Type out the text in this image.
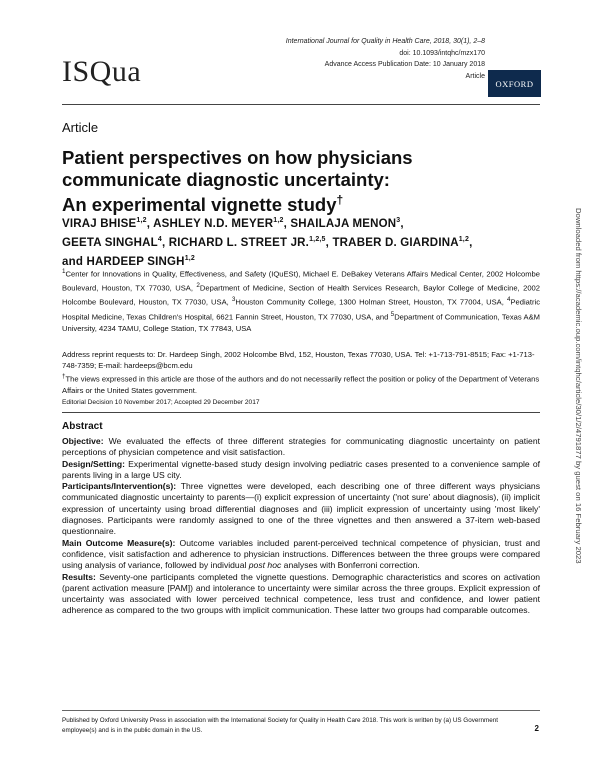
ISQua
International Journal for Quality in Health Care, 2018, 30(1), 2–8
doi: 10.1093/intqhc/mzx170
Advance Access Publication Date: 10 January 2018
Article
OXFORD
Article
Patient perspectives on how physicians
communicate diagnostic uncertainty:
An experimental vignette study†
VIRAJ BHISE$^{1,2}$, ASHLEY N.D. MEYER$^{1,2}$, SHAILAJA MENON$^3$,
GEETA SINGHAL$^4$, RICHARD L. STREET JR.$^{1,2,5}$, TRABER D. GIARDINA$^{1,2}$,
and HARDEEP SINGH$^{1,2}$
$^1$Center for Innovations in Quality, Effectiveness, and Safety (IQuESt), Michael E. DeBakey Veterans Affairs Medical Center, 2002 Holcombe Boulevard, Houston, TX 77030, USA, $^2$Department of Medicine, Section of Health Services Research, Baylor College of Medicine, 2002 Holcombe Boulevard, Houston, TX 77030, USA, $^3$Houston Community College, 1300 Holman Street, Houston, TX 77004, USA, $^4$Pediatric Hospital Medicine, Texas Children's Hospital, 6621 Fannin Street, Houston, TX 77030, USA, and $^5$Department of Communication, Texas A&M University, 4234 TAMU, College Station, TX 77843, USA
Address reprint requests to: Dr. Hardeep Singh, 2002 Holcombe Blvd, 152, Houston, Texas 77030, USA. Tel: +1-713-791-8515; Fax: +1-713-748-7359; E-mail: hardeeps@bcm.edu
†The views expressed in this article are those of the authors and do not necessarily reflect the position or policy of the Department of Veterans Affairs or the United States government.
Editorial Decision 10 November 2017; Accepted 29 December 2017
Abstract

Objective: We evaluated the effects of three different strategies for communicating diagnostic uncertainty on patient perceptions of physician competence and visit satisfaction.

Design/Setting: Experimental vignette-based study design involving pediatric cases presented to a convenience sample of parents living in a large US city.

Participants/Intervention(s): Three vignettes were developed, each describing one of three different ways physicians communicated diagnostic uncertainty to parents—(i) explicit expression of uncertainty ('not sure' about diagnosis), (ii) implicit expression of uncertainty using broad differential diagnoses and (iii) implicit expression of uncertainty using 'most likely' diagnoses. Participants were randomly assigned to one of the three vignettes and then answered a 37-item web-based questionnaire.

Main Outcome Measure(s): Outcome variables included parent-perceived technical competence of physician, trust and confidence, visit satisfaction and adherence to physician instructions. Differences between the three groups were compared using analysis of variance, followed by individual post hoc analyses with Bonferroni correction.

Results: Seventy-one participants completed the vignette questions. Demographic characteristics and scores on activation (parent activation measure [PAM]) and intolerance to uncertainty were similar across the three groups. Explicit expression of uncertainty was associated with lower perceived technical competence, less trust and confidence, and lower patient adherence as compared to the two groups with implicit communication. These latter two groups had comparable outcomes.

Published by Oxford University Press in association with the International Society for Quality in Health Care 2018. This work is written by (a) US Government employee(s) and is in the public domain in the US.	2
Downloaded from https://academic.oup.com/intqhc/article/30/1/2/4791877 by guest on 16 February 2023
